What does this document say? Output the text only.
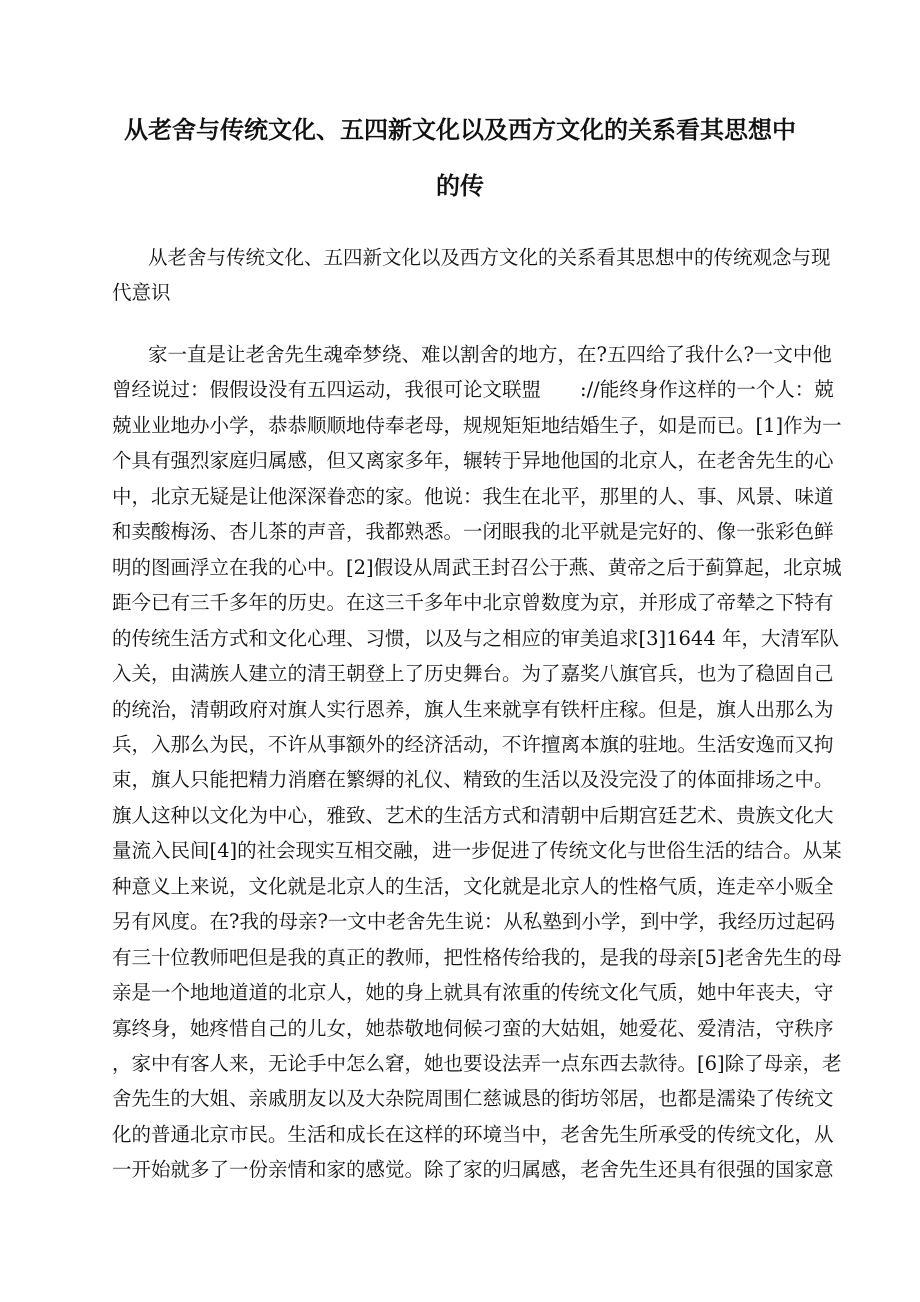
从老舍与传统文化、五四新文化以及西方文化的关系看其思想中
的传
从老舍与传统文化、五四新文化以及西方文化的关系看其思想中的传统观念与现
代意识
家一直是让老舍先生魂牵梦绕、难以割舍的地方，在?五四给了我什么?一文中他
曾经说过：假假设没有五四运动，我很可论文联盟　　://能终身作这样的一个人：兢
兢业业地办小学，恭恭顺顺地侍奉老母，规规矩矩地结婚生子，如是而已。[1]作为一
个具有强烈家庭归属感，但又离家多年，辗转于异地他国的北京人，在老舍先生的心
中，北京无疑是让他深深眷恋的家。他说：我生在北平，那里的人、事、风景、味道
和卖酸梅汤、杏儿茶的声音，我都熟悉。一闭眼我的北平就是完好的、像一张彩色鲜
明的图画浮立在我的心中。[2]假设从周武王封召公于燕、黄帝之后于蓟算起，北京城
距今已有三千多年的历史。在这三千多年中北京曾数度为京，并形成了帝辇之下特有
的传统生活方式和文化心理、习惯，以及与之相应的审美追求[3]1644 年，大清军队
入关，由满族人建立的清王朝登上了历史舞台。为了嘉奖八旗官兵，也为了稳固自己
的统治，清朝政府对旗人实行恩养，旗人生来就享有铁杆庄稼。但是，旗人出那么为
兵，入那么为民，不许从事额外的经济活动，不许擅离本旗的驻地。生活安逸而又拘
束，旗人只能把精力消磨在繁缛的礼仪、精致的生活以及没完没了的体面排场之中。
旗人这种以文化为中心，雅致、艺术的生活方式和清朝中后期宫廷艺术、贵族文化大
量流入民间[4]的社会现实互相交融，进一步促进了传统文化与世俗生活的结合。从某
种意义上来说，文化就是北京人的生活，文化就是北京人的性格气质，连走卒小贩全
另有风度。在?我的母亲?一文中老舍先生说：从私塾到小学，到中学，我经历过起码
有三十位教师吧但是我的真正的教师，把性格传给我的，是我的母亲[5]老舍先生的母
亲是一个地地道道的北京人，她的身上就具有浓重的传统文化气质，她中年丧夫，守
寡终身，她疼惜自己的儿女，她恭敬地伺候刁蛮的大姑姐，她爱花、爱清洁，守秩序
，家中有客人来，无论手中怎么窘，她也要设法弄一点东西去款待。[6]除了母亲，老
舍先生的大姐、亲戚朋友以及大杂院周围仁慈诚恳的街坊邻居，也都是濡染了传统文
化的普通北京市民。生活和成长在这样的环境当中，老舍先生所承受的传统文化，从
一开始就多了一份亲情和家的感觉。除了家的归属感，老舍先生还具有很强的国家意
